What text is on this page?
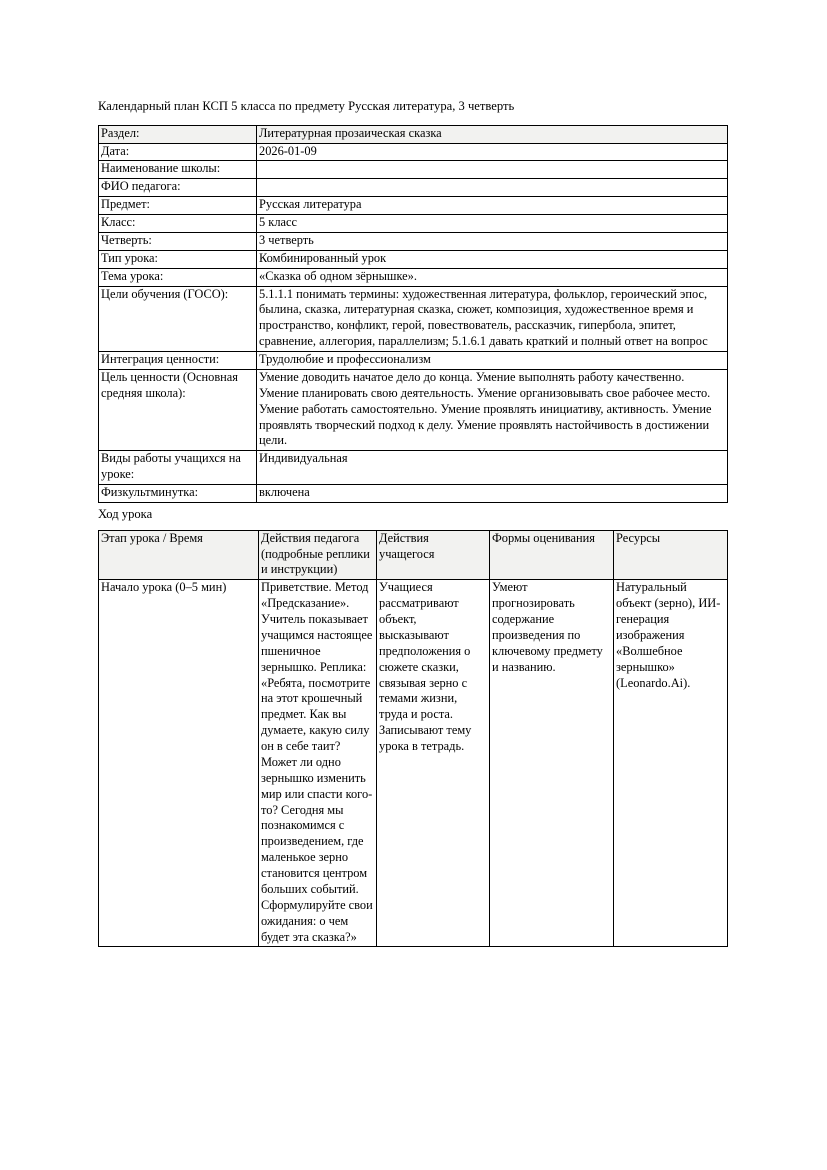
Календарный план КСП 5 класса по предмету Русская литература, 3 четверть
Раздел:	Литературная прозаическая сказка
Дата:	2026-01-09
Наименование школы:	
ФИО педагога:	
Предмет:	Русская литература
Класс:	5 класс
Четверть:	3 четверть
Тип урока:	Комбинированный урок
Тема урока:	«Сказка об одном зёрнышке».
Цели обучения (ГОСО):	5.1.1.1 понимать термины: художественная литература, фольклор, героический эпос, былина, сказка, литературная сказка, сюжет, композиция, художественное время и пространство, конфликт, герой, повествователь, рассказчик, гипербола, эпитет, сравнение, аллегория, параллелизм; 5.1.6.1 давать краткий и полный ответ на вопрос
Интеграция ценности:	Трудолюбие и профессионализм
Цель ценности (Основная средняя школа):	Умение доводить начатое дело до конца. Умение выполнять работу качественно. Умение планировать свою деятельность. Умение организовывать свое рабочее место. Умение работать самостоятельно. Умение проявлять инициативу, активность. Умение проявлять творческий подход к делу. Умение проявлять настойчивость в достижении цели.
Виды работы учащихся на уроке:	Индивидуальная
Физкультминутка:	включена
Ход урока
Этап урока / Время	Действия педагога (подробные реплики и инструкции)	Действия учащегося	Формы оценивания	Ресурсы
Начало урока (0–5 мин)	Приветствие. Метод «Предсказание». Учитель показывает учащимся настоящее пшеничное зернышко. Реплика: «Ребята, посмотрите на этот крошечный предмет. Как вы думаете, какую силу он в себе таит? Может ли одно зернышко изменить мир или спасти кого-то? Сегодня мы познакомимся с произведением, где маленькое зерно становится центром больших событий. Сформулируйте свои ожидания: о чем будет эта сказка?»	Учащиеся рассматривают объект, высказывают предположения о сюжете сказки, связывая зерно с темами жизни, труда и роста. Записывают тему урока в тетрадь.	Умеют прогнозировать содержание произведения по ключевому предмету и названию.	Натуральный объект (зерно), ИИ-генерация изображения «Волшебное зернышко» (Leonardo.Ai).
